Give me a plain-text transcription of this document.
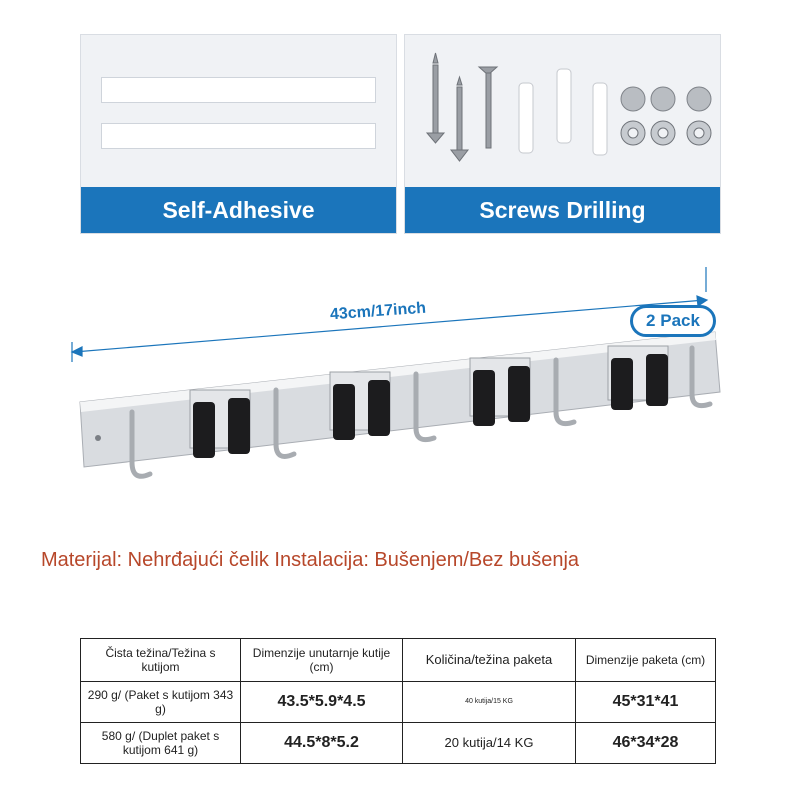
Self-Adhesive	Screws Drilling
43cm/17inch	2 Pack
Materijal: Nehrđajući čelik Instalacija: Bušenjem/Bez bušenja
Čista težina/Težina s kutijom	Dimenzije unutarnje kutije (cm)	Količina/težina paketa	Dimenzije paketa (cm)
290 g/ (Paket s kutijom 343 g)	43.5*5.9*4.5	40 kutija/15 KG	45*31*41
580 g/ (Duplet paket s kutijom 641 g)	44.5*8*5.2	20 kutija/14 KG	46*34*28
